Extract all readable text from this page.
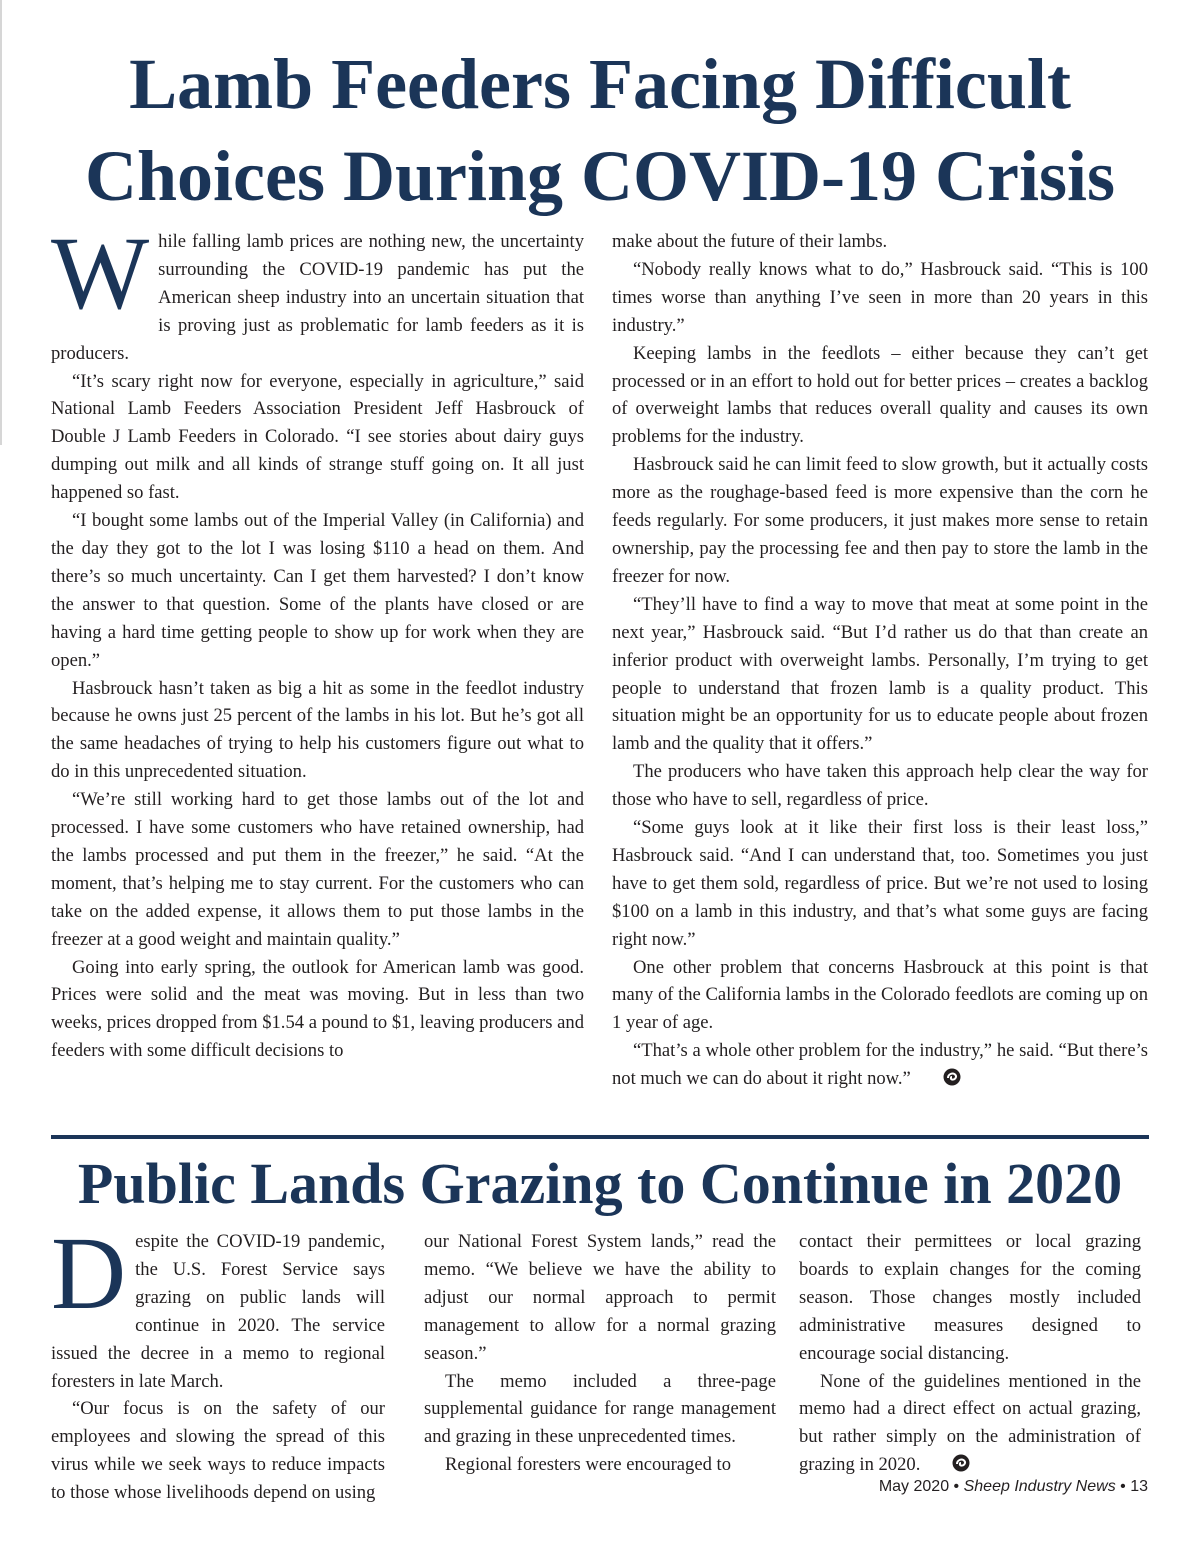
Lamb Feeders Facing Difficult Choices During COVID-19 Crisis

While falling lamb prices are nothing new, the uncertainty surrounding the COVID-19 pandemic has put the American sheep industry into an uncertain situation that is proving just as problematic for lamb feeders as it is producers.

“It’s scary right now for everyone, especially in agriculture,” said National Lamb Feeders Association President Jeff Hasbrouck of Double J Lamb Feeders in Colorado. “I see stories about dairy guys dumping out milk and all kinds of strange stuff going on. It all just happened so fast.

“I bought some lambs out of the Imperial Valley (in California) and the day they got to the lot I was losing $110 a head on them. And there’s so much uncertainty. Can I get them harvested? I don’t know the answer to that question. Some of the plants have closed or are having a hard time getting people to show up for work when they are open.”

Hasbrouck hasn’t taken as big a hit as some in the feedlot industry because he owns just 25 percent of the lambs in his lot. But he’s got all the same headaches of trying to help his customers figure out what to do in this unprecedented situation.

“We’re still working hard to get those lambs out of the lot and processed. I have some customers who have retained ownership, had the lambs processed and put them in the freezer,” he said. “At the moment, that’s helping me to stay current. For the customers who can take on the added expense, it allows them to put those lambs in the freezer at a good weight and maintain quality.”

Going into early spring, the outlook for American lamb was good. Prices were solid and the meat was moving. But in less than two weeks, prices dropped from $1.54 a pound to $1, leaving producers and feeders with some difficult decisions to

make about the future of their lambs.

“Nobody really knows what to do,” Hasbrouck said. “This is 100 times worse than anything I’ve seen in more than 20 years in this industry.”

Keeping lambs in the feedlots – either because they can’t get processed or in an effort to hold out for better prices – creates a backlog of overweight lambs that reduces overall quality and causes its own problems for the industry.

Hasbrouck said he can limit feed to slow growth, but it actually costs more as the roughage-based feed is more expensive than the corn he feeds regularly. For some producers, it just makes more sense to retain ownership, pay the processing fee and then pay to store the lamb in the freezer for now.

“They’ll have to find a way to move that meat at some point in the next year,” Hasbrouck said. “But I’d rather us do that than create an inferior product with overweight lambs. Personally, I’m trying to get people to understand that frozen lamb is a quality product. This situation might be an opportunity for us to educate people about frozen lamb and the quality that it offers.”

The producers who have taken this approach help clear the way for those who have to sell, regardless of price.

“Some guys look at it like their first loss is their least loss,” Hasbrouck said. “And I can understand that, too. Sometimes you just have to get them sold, regardless of price. But we’re not used to losing $100 on a lamb in this industry, and that’s what some guys are facing right now.”

One other problem that concerns Hasbrouck at this point is that many of the California lambs in the Colorado feedlots are coming up on 1 year of age.

“That’s a whole other problem for the industry,” he said. “But there’s not much we can do about it right now.”

Public Lands Grazing to Continue in 2020

Despite the COVID-19 pandemic, the U.S. Forest Service says grazing on public lands will continue in 2020. The service issued the decree in a memo to regional foresters in late March.

“Our focus is on the safety of our employees and slowing the spread of this virus while we seek ways to reduce impacts to those whose livelihoods depend on using

our National Forest System lands,” read the memo. “We believe we have the ability to adjust our normal approach to permit management to allow for a normal grazing season.”

The memo included a three-page supplemental guidance for range management and grazing in these unprecedented times.

Regional foresters were encouraged to

contact their permittees or local grazing boards to explain changes for the coming season. Those changes mostly included administrative measures designed to encourage social distancing.

None of the guidelines mentioned in the memo had a direct effect on actual grazing, but rather simply on the administration of grazing in 2020.

May 2020 • Sheep Industry News • 13
